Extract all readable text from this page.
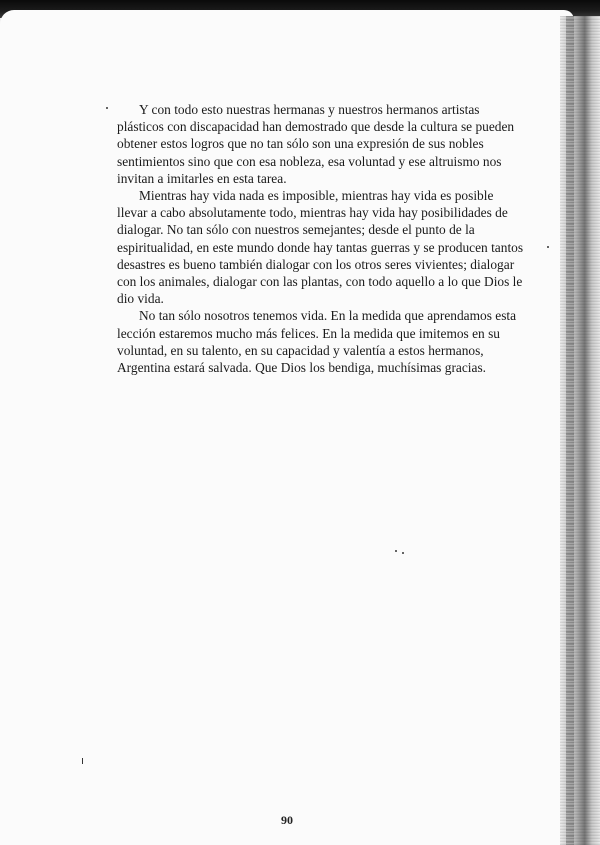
Y con todo esto nuestras hermanas y nuestros hermanos artistas plásticos con discapacidad han demostrado que desde la cultura se pueden obtener estos logros que no tan sólo son una expresión de sus nobles sentimientos sino que con esa nobleza, esa voluntad y ese altruismo nos invitan a imitarles en esta tarea.

Mientras hay vida nada es imposible, mientras hay vida es posible llevar a cabo absolutamente todo, mientras hay vida hay posibilidades de dialogar. No tan sólo con nuestros semejantes; desde el punto de la espiritualidad, en este mundo donde hay tantas guerras y se producen tantos desastres es bueno también dialogar con los otros seres vivientes; dialogar con los animales, dialogar con las plantas, con todo aquello a lo que Dios le dio vida.

No tan sólo nosotros tenemos vida. En la medida que aprendamos esta lección estaremos mucho más felices. En la medida que imitemos en su voluntad, en su talento, en su capacidad y valentía a estos hermanos, Argentina estará salvada. Que Dios los bendiga, muchísimas gracias.

90
